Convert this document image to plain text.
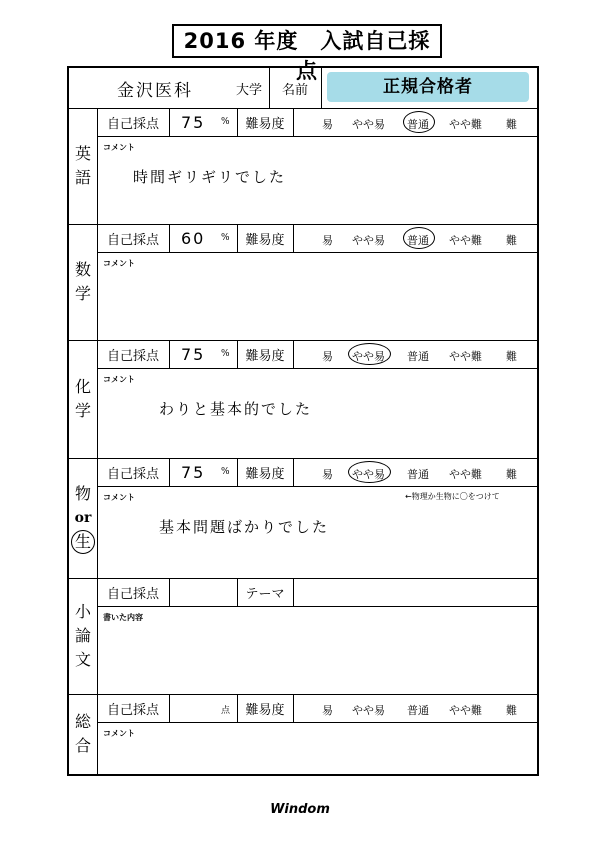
2016 年度　入試自己採点
金沢医科	大学	名前	正規合格者
英
語
自己採点	75 %	難易度	易 やや易 普通 やや難 難
コメント
時間ギリギリでした
数
学
自己採点	60 %	難易度	易 やや易 普通 やや難 難
コメント
化
学
自己採点	75 %	難易度	易 やや易 普通 やや難 難
コメント
わりと基本的でした
物
or
生
自己採点	75 %	難易度	易 やや易 普通 やや難 難
コメント
基本問題ばかりでした
←物理か生物に〇をつけて
小
論
文
自己採点	テーマ
書いた内容
総
合
自己採点	点	難易度	易 やや易 普通 やや難 難
コメント
Windom
